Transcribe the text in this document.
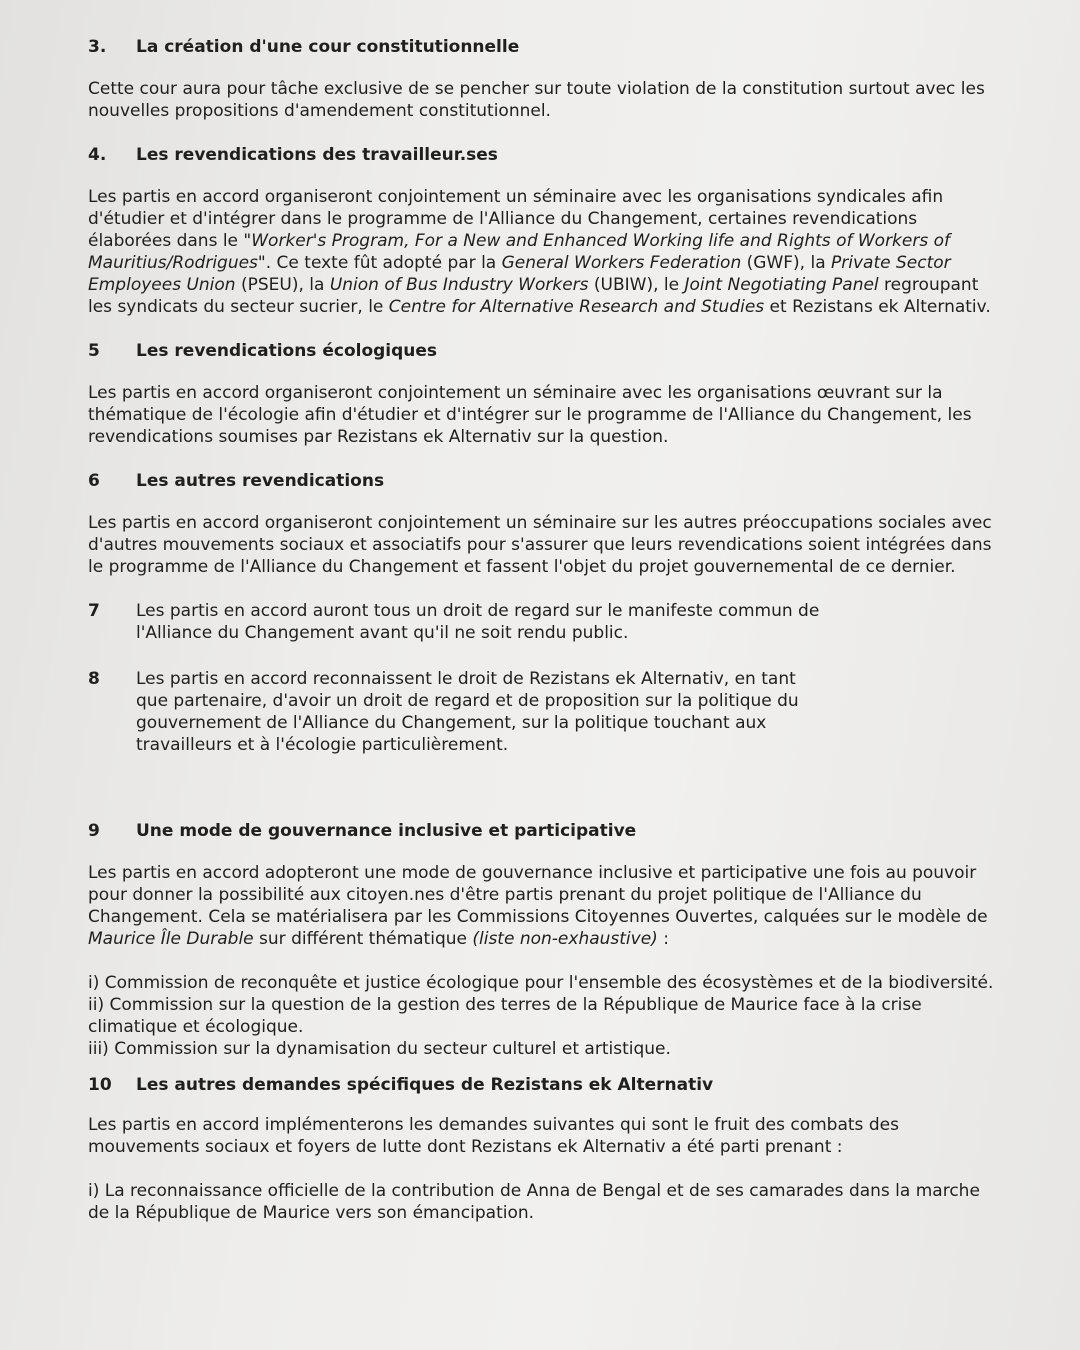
3.	La création d'une cour constitutionnelle

Cette cour aura pour tâche exclusive de se pencher sur toute violation de la constitution surtout avec les nouvelles propositions d'amendement constitutionnel.

4.	Les revendications des travailleur.ses

Les partis en accord organiseront conjointement un séminaire avec les organisations syndicales afin d'étudier et d'intégrer dans le programme de l'Alliance du Changement, certaines revendications élaborées dans le "Worker's Program, For a New and Enhanced Working life and Rights of Workers of Mauritius/Rodrigues". Ce texte fût adopté par la General Workers Federation (GWF), la Private Sector Employees Union (PSEU), la Union of Bus Industry Workers (UBIW), le Joint Negotiating Panel regroupant les syndicats du secteur sucrier, le Centre for Alternative Research and Studies et Rezistans ek Alternativ.

5	Les revendications écologiques

Les partis en accord organiseront conjointement un séminaire avec les organisations œuvrant sur la thématique de l'écologie afin d'étudier et d'intégrer sur le programme de l'Alliance du Changement, les revendications soumises par Rezistans ek Alternativ sur la question.

6	Les autres revendications

Les partis en accord organiseront conjointement un séminaire sur les autres préoccupations sociales avec d'autres mouvements sociaux et associatifs pour s'assurer que leurs revendications soient intégrées dans le programme de l'Alliance du Changement et fassent l'objet du projet gouvernemental de ce dernier.

7	Les partis en accord auront tous un droit de regard sur le manifeste commun de l'Alliance du Changement avant qu'il ne soit rendu public.
8	Les partis en accord reconnaissent le droit de Rezistans ek Alternativ, en tant que partenaire, d'avoir un droit de regard et de proposition sur la politique du gouvernement de l'Alliance du Changement, sur la politique touchant aux travailleurs et à l'écologie particulièrement.
9	Une mode de gouvernance inclusive et participative

Les partis en accord adopteront une mode de gouvernance inclusive et participative une fois au pouvoir pour donner la possibilité aux citoyen.nes d'être partis prenant du projet politique de l'Alliance du Changement. Cela se matérialisera par les Commissions Citoyennes Ouvertes, calquées sur le modèle de Maurice Île Durable sur différent thématique (liste non-exhaustive) :

i) Commission de reconquête et justice écologique pour l'ensemble des écosystèmes et de la biodiversité.

ii) Commission sur la question de la gestion des terres de la République de Maurice face à la crise climatique et écologique.

iii) Commission sur la dynamisation du secteur culturel et artistique.

10	Les autres demandes spécifiques de Rezistans ek Alternativ

Les partis en accord implémenterons les demandes suivantes qui sont le fruit des combats des mouvements sociaux et foyers de lutte dont Rezistans ek Alternativ a été parti prenant :

i) La reconnaissance officielle de la contribution de Anna de Bengal et de ses camarades dans la marche de la République de Maurice vers son émancipation.
